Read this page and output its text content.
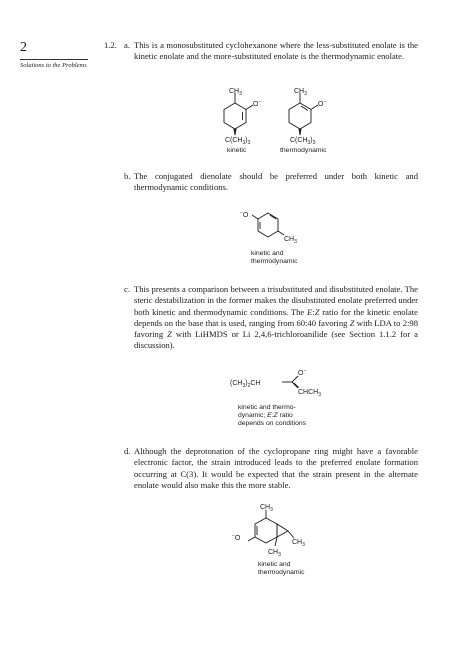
2
Solutions to the Problems
1.2. a. This is a monosubstituted cyclohexanone where the less-substituted enolate is the kinetic enolate and the more-substituted enolate is the thermodynamic enolate.

$CH_3$
O−
$C(CH_3)_3$
$CH_3$
O−
$C(CH_3)_3$
kinetic	thermodynamic
b. The conjugated dienolate should be preferred under both kinetic and thermodynamic conditions.

−O
$CH_3$
kinetic and
thermodynamic
c. This presents a comparison between a trisubstituted and disubstituted enolate. The steric destabilization in the former makes the disubstituted enolate preferred under both kinetic and thermodynamic conditions. The E:Z ratio for the kinetic enolate depends on the base that is used, ranging from 60:40 favoring Z with LDA to 2:98 favoring Z with LiHMDS or Li 2,4,6-trichloroanilide (see Section 1.1.2 for a discussion).

$(CH_3)_2CH$
O−
$CHCH_3$
kinetic and thermo-
dynamic; E:Z ratio
depends on conditions
d. Although the deprotonation of the cyclopropane ring might have a favorable electronic factor, the strain introduced leads to the preferred enolate formation occurring at C(3). It would be expected that the strain present in the alternate enolate would also make this the more stable.

$CH_3$
−O
$CH_3$
$CH_3$
kinetic and
thermodynamic
